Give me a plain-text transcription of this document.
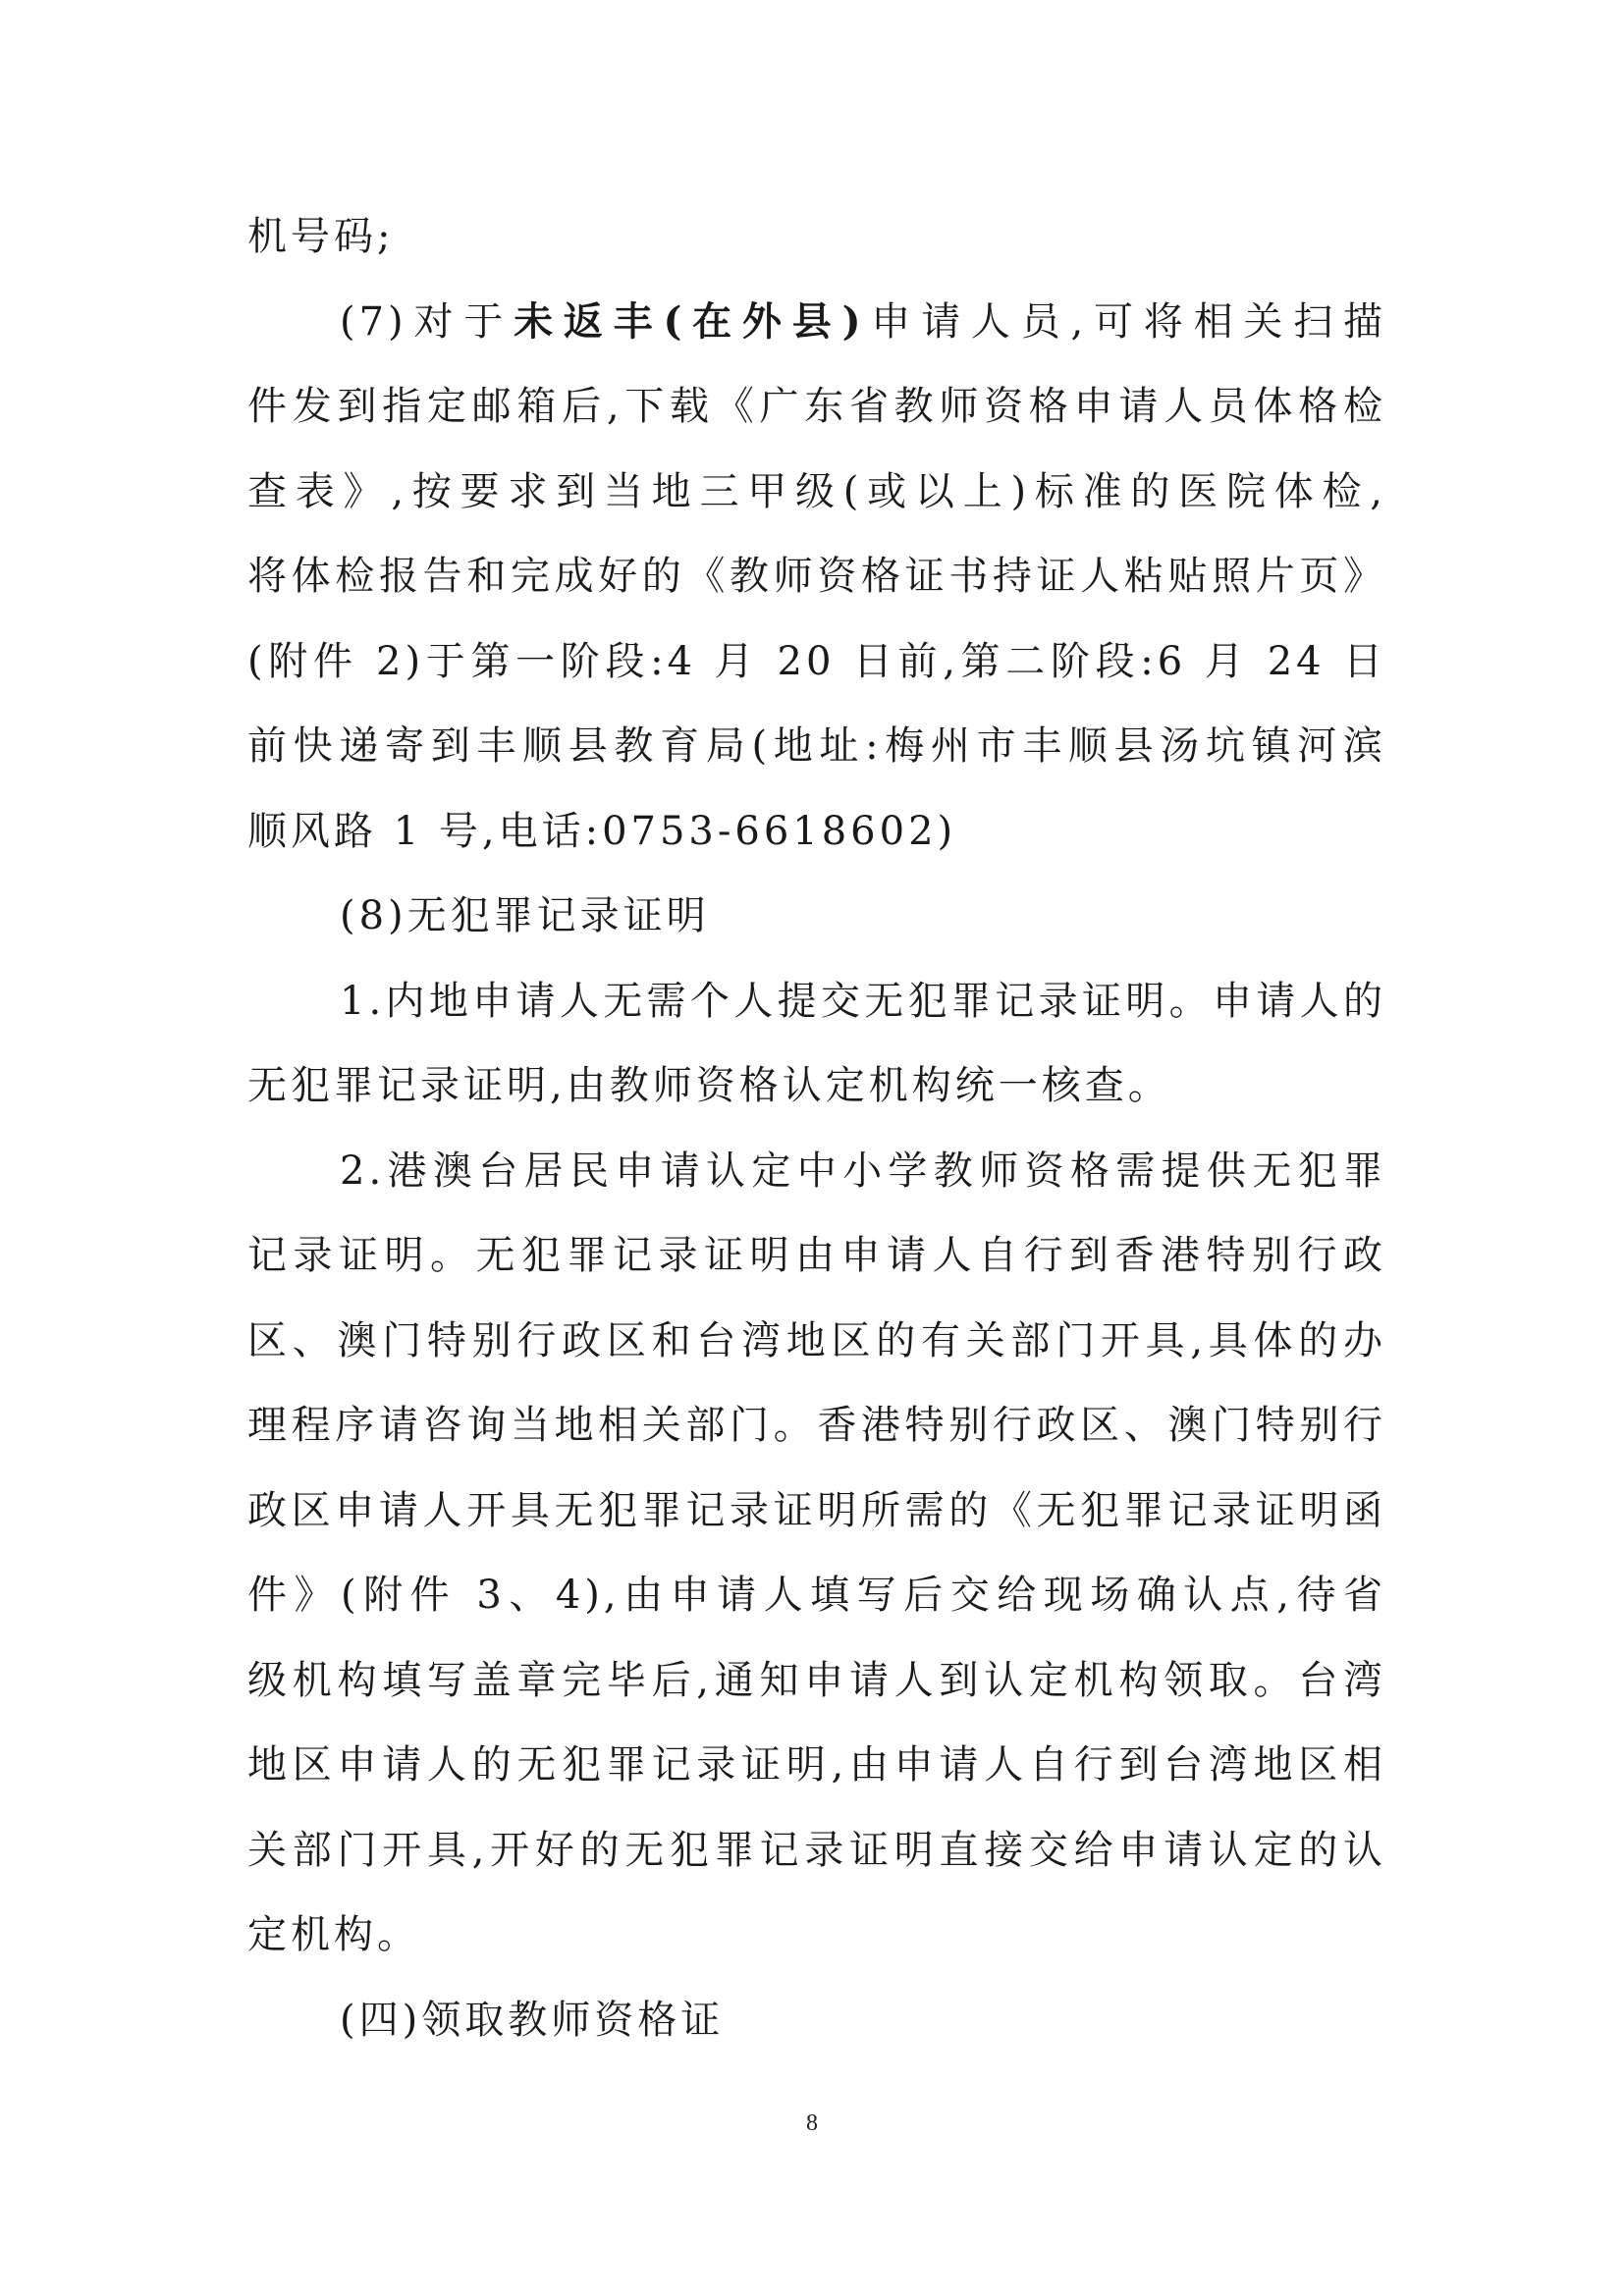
机号码;
(7)对于未返丰(在外县)申请人员,可将相关扫描
件发到指定邮箱后,下载《广东省教师资格申请人员体格检
查表》,按要求到当地三甲级(或以上)标准的医院体检,
将体检报告和完成好的《教师资格证书持证人粘贴照片页》
(附件 2)于第一阶段:4 月 20 日前,第二阶段:6 月 24 日
前快递寄到丰顺县教育局(地址:梅州市丰顺县汤坑镇河滨
顺风路 1 号,电话:0753-6618602)
(8)无犯罪记录证明
1.内地申请人无需个人提交无犯罪记录证明。申请人的
无犯罪记录证明,由教师资格认定机构统一核查。
2.港澳台居民申请认定中小学教师资格需提供无犯罪
记录证明。无犯罪记录证明由申请人自行到香港特别行政
区、澳门特别行政区和台湾地区的有关部门开具,具体的办
理程序请咨询当地相关部门。香港特别行政区、澳门特别行
政区申请人开具无犯罪记录证明所需的《无犯罪记录证明函
件》(附件 3、4),由申请人填写后交给现场确认点,待省
级机构填写盖章完毕后,通知申请人到认定机构领取。台湾
地区申请人的无犯罪记录证明,由申请人自行到台湾地区相
关部门开具,开好的无犯罪记录证明直接交给申请认定的认
定机构。
(四)领取教师资格证
8
